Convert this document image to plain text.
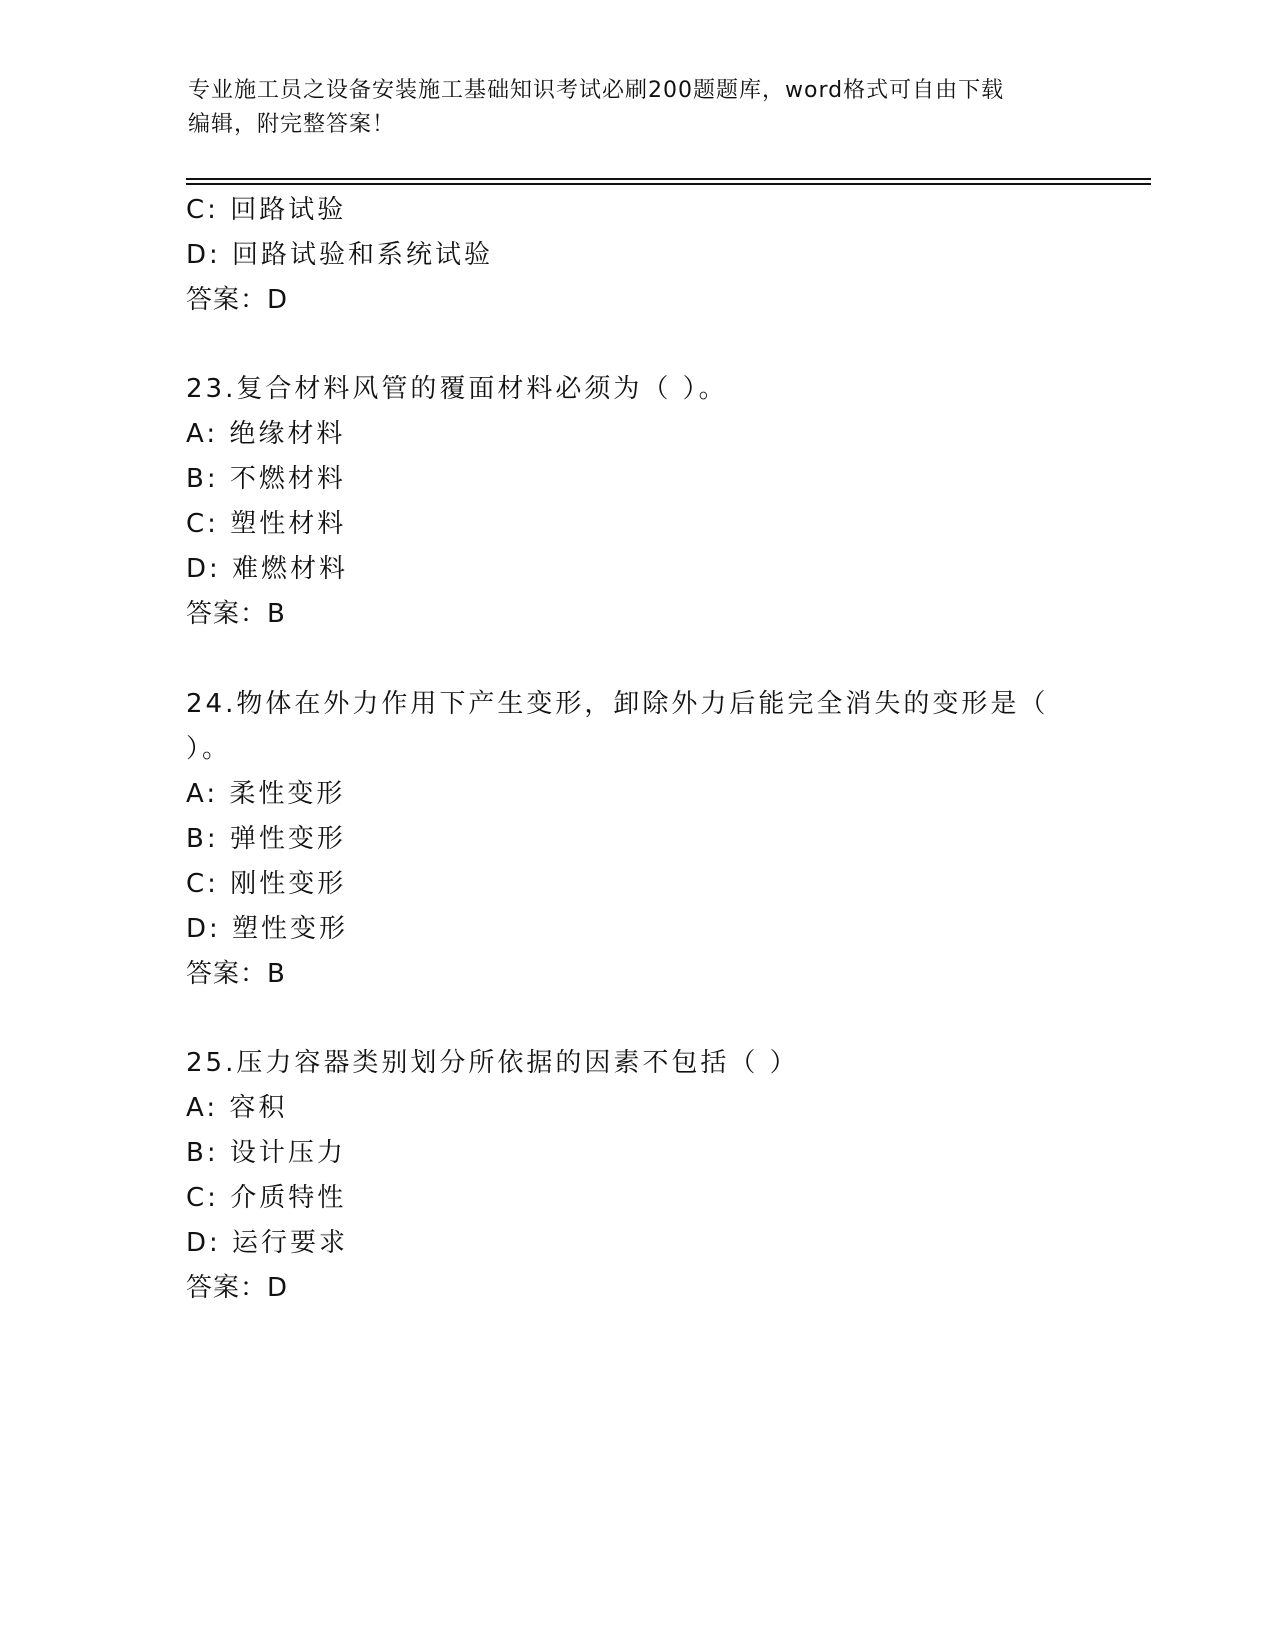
专业施工员之设备安装施工基础知识考试必刷200题题库，word格式可自由下载
编辑，附完整答案！
C: 回路试验
D: 回路试验和系统试验
答案：D
23.复合材料风管的覆面材料必须为（ ）。
A: 绝缘材料
B: 不燃材料
C: 塑性材料
D: 难燃材料
答案：B
24.物体在外力作用下产生变形，卸除外力后能完全消失的变形是（
）。
A: 柔性变形
B: 弹性变形
C: 刚性变形
D: 塑性变形
答案：B
25.压力容器类别划分所依据的因素不包括（ ）
A: 容积
B: 设计压力
C: 介质特性
D: 运行要求
答案：D
